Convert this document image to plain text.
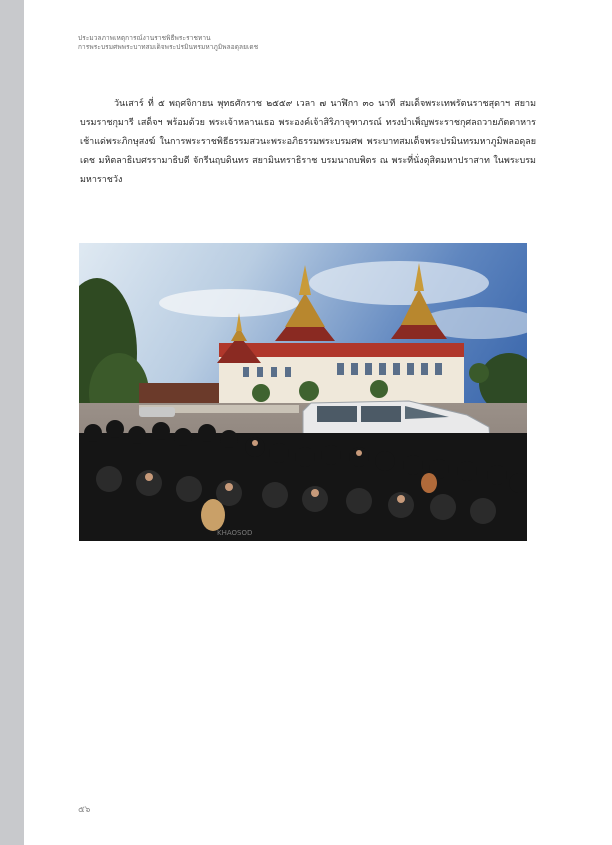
ประมวลภาพเหตุการณ์งานราชพิธีพระราชทาน
การพระบรมศพพระบาทสมเด็จพระปรมินทรมหาภูมิพลอดุลยเดช

วันเสาร์ ที่ ๕ พฤศจิกายน พุทธศักราช ๒๕๕๙ เวลา ๗ นาฬิกา ๓๐ นาที สมเด็จพระเทพรัตนราชสุดาฯ สยามบรมราชกุมารี เสด็จฯ พร้อมด้วย พระเจ้าหลานเธอ พระองค์เจ้าสิริภาจุฑาภรณ์ ทรงบำเพ็ญพระราชกุศลถวายภัตตาหารเช้าแด่พระภิกษุสงฆ์ ในการพระราชพิธีธรรมสวนะพระอภิธรรมพระบรมศพ พระบาทสมเด็จพระปรมินทรมหาภูมิพลอดุลยเดช มหิตลาธิเบศรรามาธิบดี จักรีนฤบดินทร สยามินทราธิราช บรมนาถบพิตร ณ พระที่นั่งดุสิตมหาปราสาท ในพระบรมมหาราชวัง

KHAOSOD
๕๖
